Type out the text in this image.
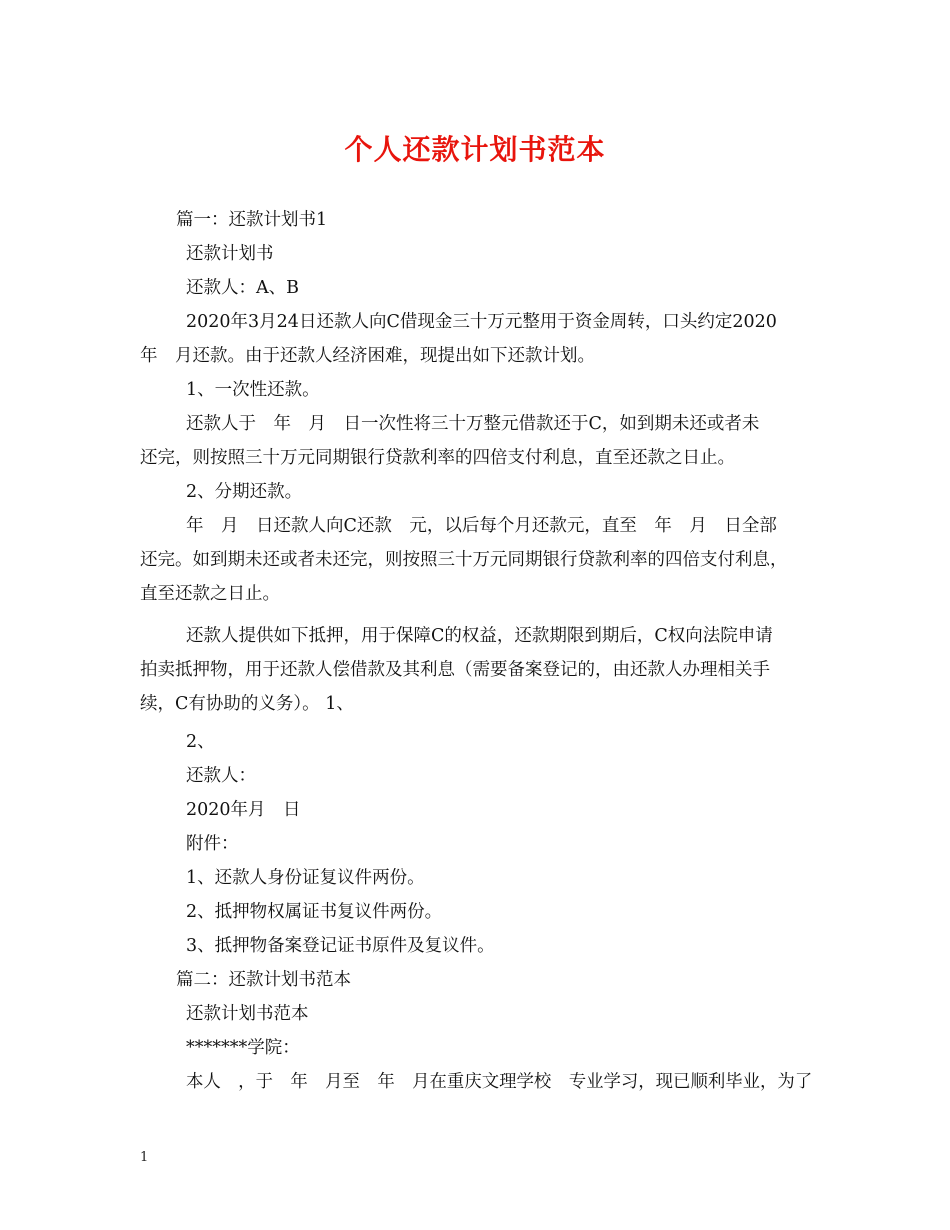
个人还款计划书范本
篇一：还款计划书1
还款计划书
还款人：A、B
2020年3月24日还款人向C借现金三十万元整用于资金周转，口头约定2020
年　月还款。由于还款人经济困难，现提出如下还款计划。
1、一次性还款。
还款人于　年　月　日一次性将三十万整元借款还于C，如到期未还或者未
还完，则按照三十万元同期银行贷款利率的四倍支付利息，直至还款之日止。
2、分期还款。
年　月　日还款人向C还款　元，以后每个月还款元，直至　年　月　日全部
还完。如到期未还或者未还完，则按照三十万元同期银行贷款利率的四倍支付利息，
直至还款之日止。
还款人提供如下抵押，用于保障C的权益，还款期限到期后，C权向法院申请
拍卖抵押物，用于还款人偿借款及其利息（需要备案登记的，由还款人办理相关手
续，C有协助的义务）。 1、
2、
还款人：
2020年月　日
附件：
1、还款人身份证复议件两份。
2、抵押物权属证书复议件两份。
3、抵押物备案登记证书原件及复议件。
篇二：还款计划书范本
还款计划书范本
*******学院：
本人　，于　年　月至　年　月在重庆文理学校　专业学习，现已顺利毕业，为了
1
